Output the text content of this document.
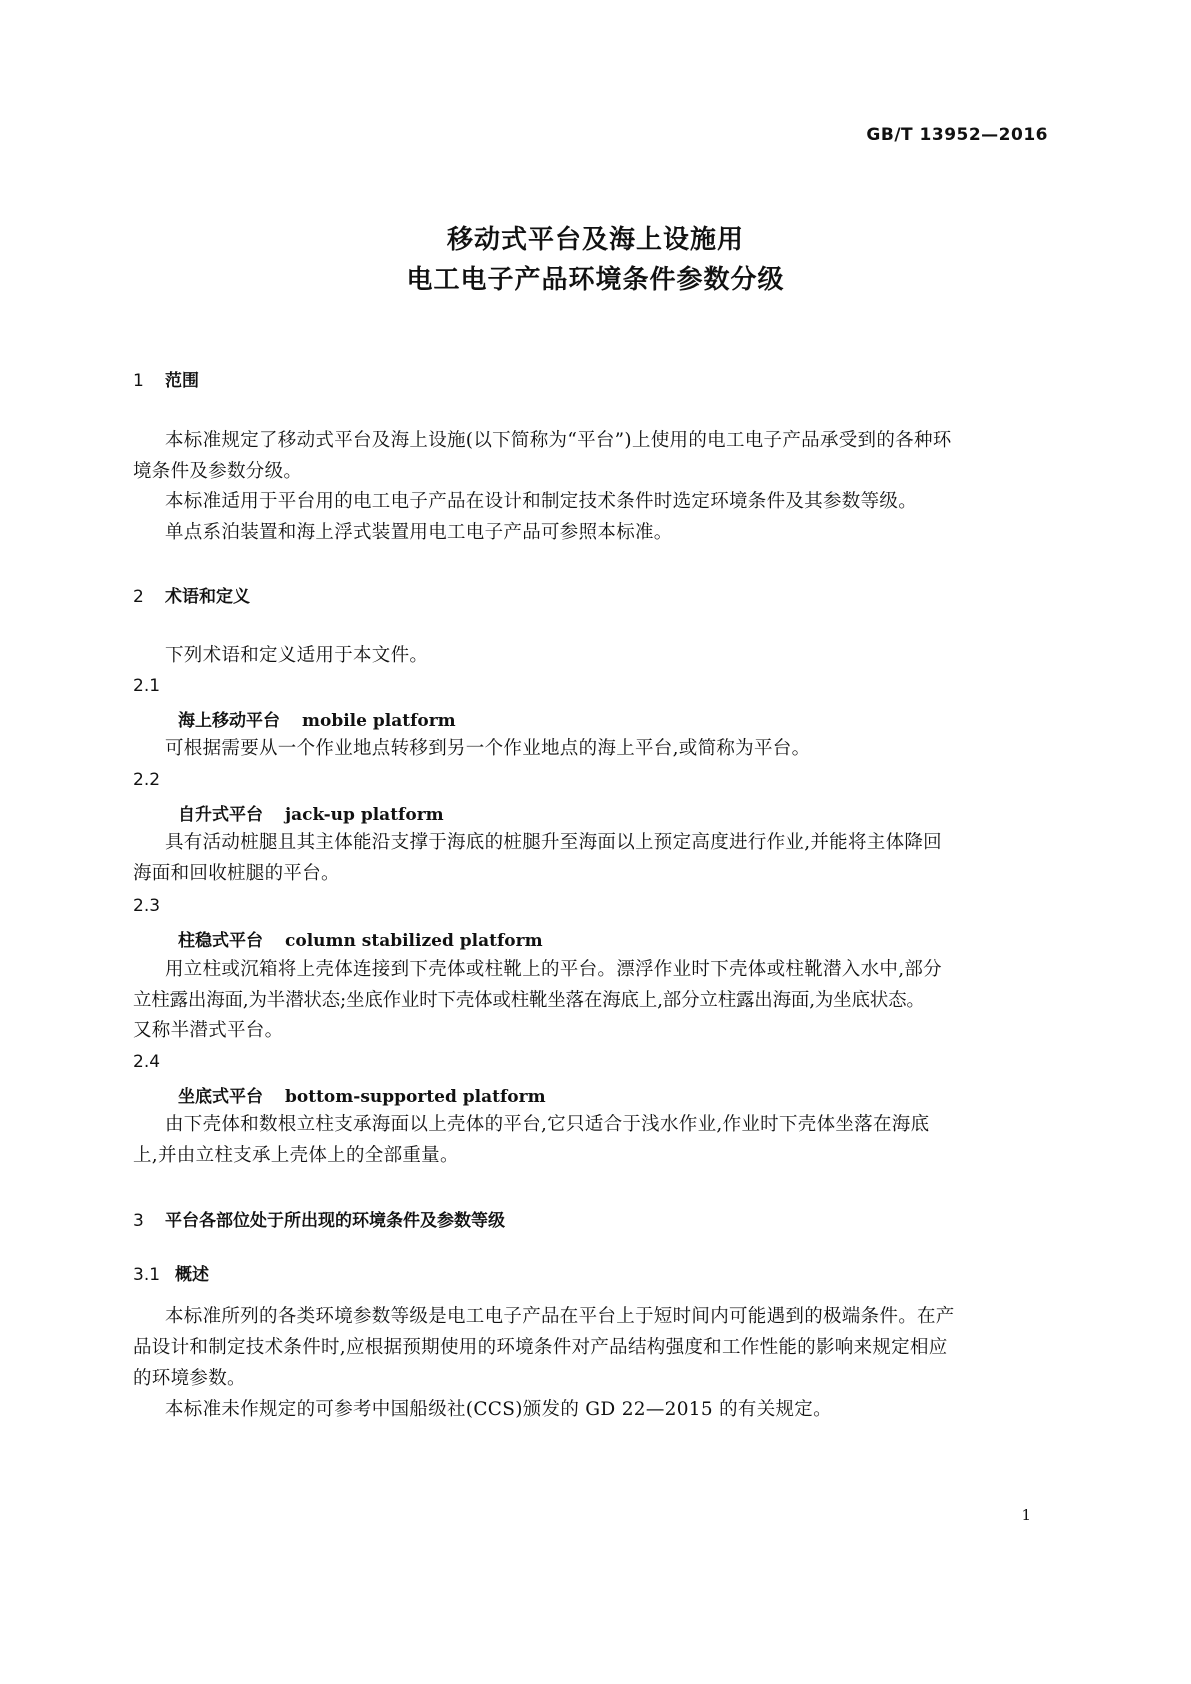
GB/T 13952—2016
移动式平台及海上设施用
电工电子产品环境条件参数分级
1 范围
本标准规定了移动式平台及海上设施(以下简称为“平台”)上使用的电工电子产品承受到的各种环
境条件及参数分级。
本标准适用于平台用的电工电子产品在设计和制定技术条件时选定环境条件及其参数等级。
单点系泊装置和海上浮式装置用电工电子产品可参照本标准。
2 术语和定义
下列术语和定义适用于本文件。
2.1
海上移动平台 mobile platform
可根据需要从一个作业地点转移到另一个作业地点的海上平台,或简称为平台。
2.2
自升式平台 jack-up platform
具有活动桩腿且其主体能沿支撑于海底的桩腿升至海面以上预定高度进行作业,并能将主体降回
海面和回收桩腿的平台。
2.3
柱稳式平台 column stabilized platform
用立柱或沉箱将上壳体连接到下壳体或柱靴上的平台。漂浮作业时下壳体或柱靴潜入水中,部分
立柱露出海面,为半潜状态;坐底作业时下壳体或柱靴坐落在海底上,部分立柱露出海面,为坐底状态。
又称半潜式平台。
2.4
坐底式平台 bottom-supported platform
由下壳体和数根立柱支承海面以上壳体的平台,它只适合于浅水作业,作业时下壳体坐落在海底
上,并由立柱支承上壳体上的全部重量。
3 平台各部位处于所出现的环境条件及参数等级
3.1 概述
本标准所列的各类环境参数等级是电工电子产品在平台上于短时间内可能遇到的极端条件。在产
品设计和制定技术条件时,应根据预期使用的环境条件对产品结构强度和工作性能的影响来规定相应
的环境参数。
本标准未作规定的可参考中国船级社(CCS)颁发的 GD 22—2015 的有关规定。
1
